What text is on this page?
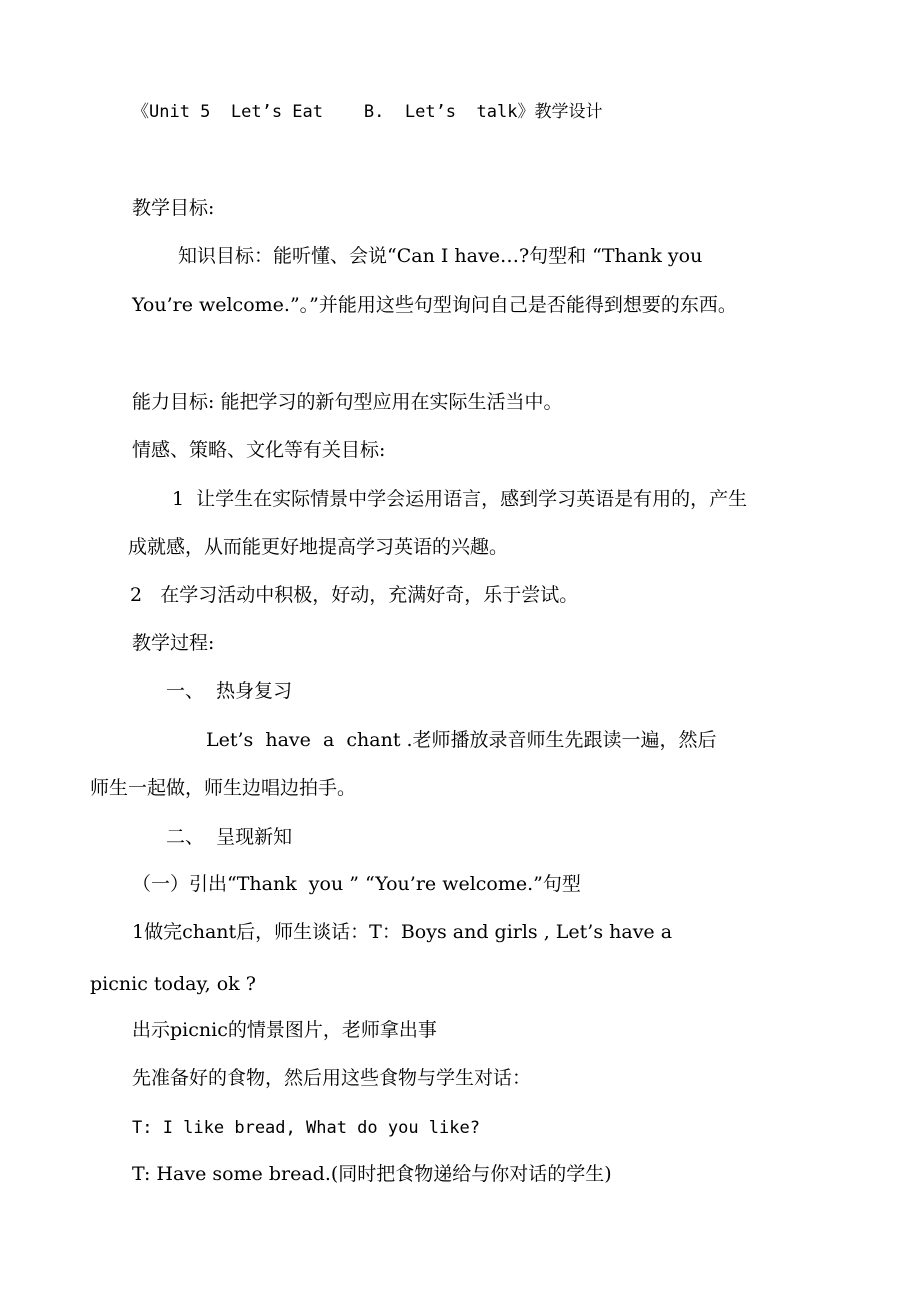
《Unit 5  Let’s Eat    B.  Let’s  talk》教学设计
教学目标:
知识目标：能听懂、会说“Can I have…?句型和 “Thank you
You’re welcome.”。”并能用这些句型询问自己是否能得到想要的东西。
能力目标: 能把学习的新句型应用在实际生活当中。
情感、策略、文化等有关目标:
1  让学生在实际情景中学会运用语言，感到学习英语是有用的，产生
成就感，从而能更好地提高学习英语的兴趣。
2   在学习活动中积极，好动，充满好奇，乐于尝试。
教学过程:
一、  热身复习
Let’s  have  a  chant .老师播放录音师生先跟读一遍，然后
师生一起做，师生边唱边拍手。
二、  呈现新知
（一）引出“Thank  you ” “You’re welcome.”句型
1做完chant后，师生谈话：T：Boys and girls , Let’s have a
picnic today, ok ?
出示picnic的情景图片，老师拿出事
先准备好的食物，然后用这些食物与学生对话：
T: I like bread, What do you like?
T: Have some bread.(同时把食物递给与你对话的学生)
